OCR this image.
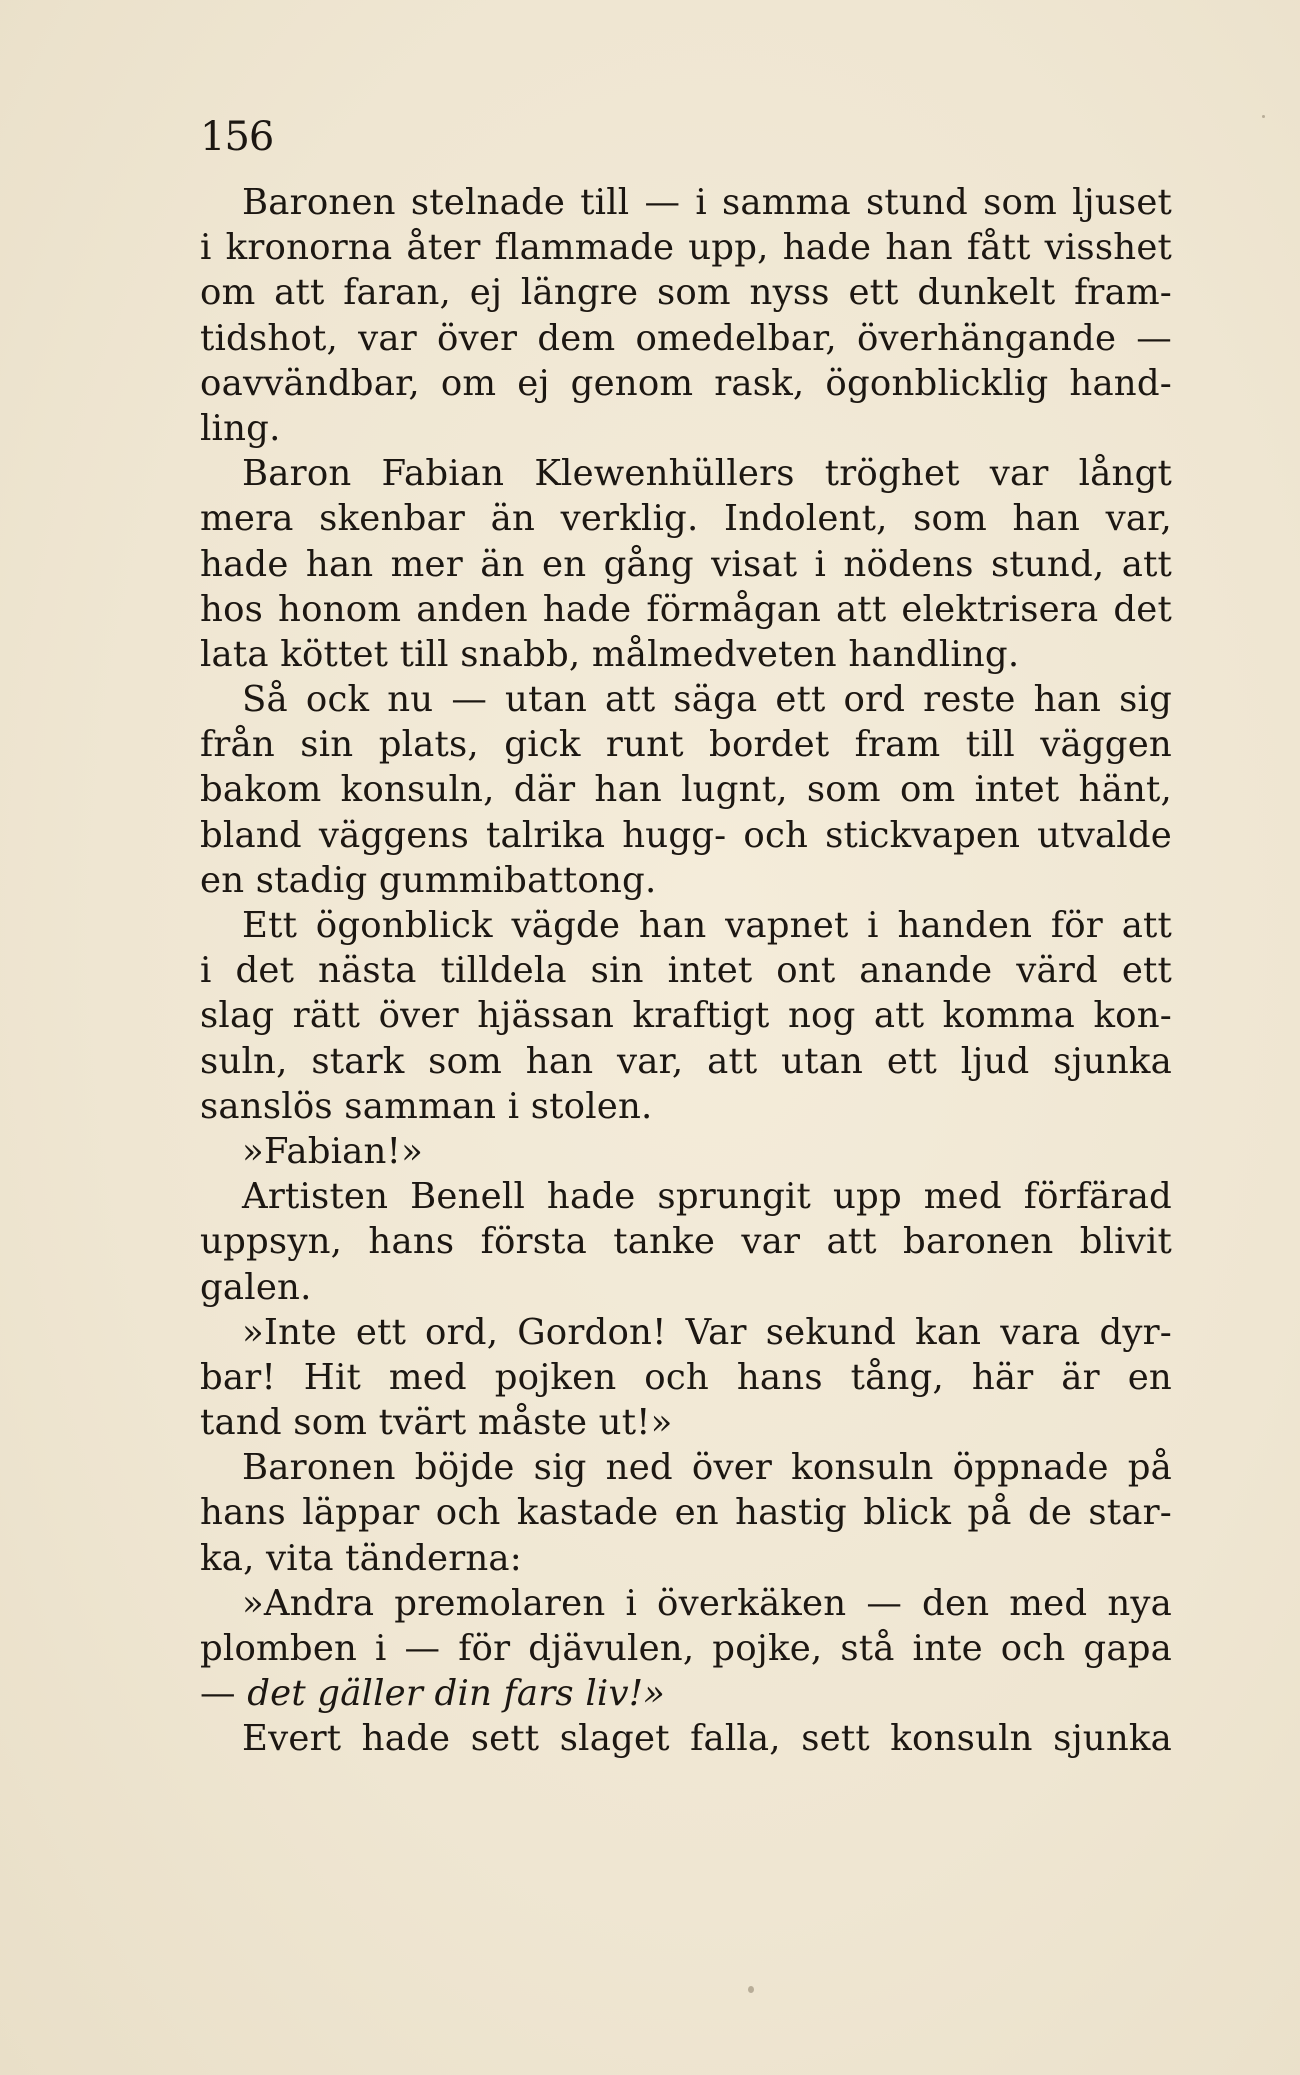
156
Baronen stelnade till — i samma stund som ljuset
i kronorna åter flammade upp, hade han fått visshet
om att faran, ej längre som nyss ett dunkelt fram-
tidshot, var över dem omedelbar, överhängande —
oavvändbar, om ej genom rask, ögonblicklig hand-
ling.
Baron Fabian Klewenhüllers tröghet var långt
mera skenbar än verklig. Indolent, som han var,
hade han mer än en gång visat i nödens stund, att
hos honom anden hade förmågan att elektrisera det
lata köttet till snabb, målmedveten handling.
Så ock nu — utan att säga ett ord reste han sig
från sin plats, gick runt bordet fram till väggen
bakom konsuln, där han lugnt, som om intet hänt,
bland väggens talrika hugg- och stickvapen utvalde
en stadig gummibattong.
Ett ögonblick vägde han vapnet i handen för att
i det nästa tilldela sin intet ont anande värd ett
slag rätt över hjässan kraftigt nog att komma kon-
suln, stark som han var, att utan ett ljud sjunka
sanslös samman i stolen.
»Fabian!»
Artisten Benell hade sprungit upp med förfärad
uppsyn, hans första tanke var att baronen blivit
galen.
»Inte ett ord, Gordon! Var sekund kan vara dyr-
bar! Hit med pojken och hans tång, här är en
tand som tvärt måste ut!»
Baronen böjde sig ned över konsuln öppnade på
hans läppar och kastade en hastig blick på de star-
ka, vita tänderna:
»Andra premolaren i överkäken — den med nya
plomben i — för djävulen, pojke, stå inte och gapa
— det gäller din fars liv!»
Evert hade sett slaget falla, sett konsuln sjunka
